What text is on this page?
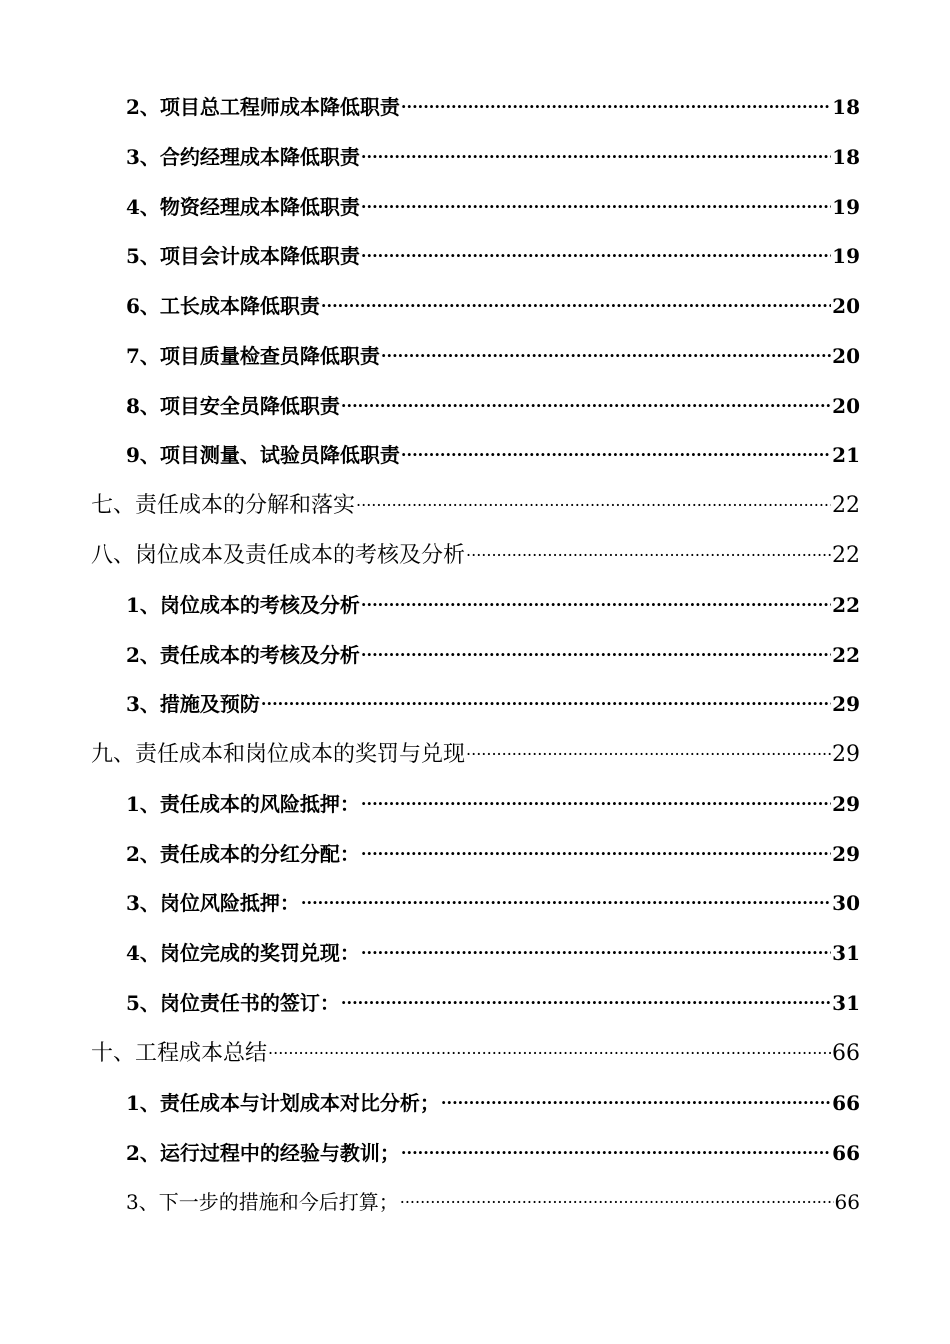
2、项目总工程师成本降低职责 .....	18
3、合约经理成本降低职责 .....	18
4、物资经理成本降低职责 .....	19
5、项目会计成本降低职责 .....	19
6、工长成本降低职责 .....	20
7、项目质量检查员降低职责 .....	20
8、项目安全员降低职责 .....	20
9、项目测量、试验员降低职责 .....	21
七、责任成本的分解和落实 .....	22
八、岗位成本及责任成本的考核及分析 .....	22
1、岗位成本的考核及分析 .....	22
2、责任成本的考核及分析 .....	22
3、措施及预防 .....	29
九、责任成本和岗位成本的奖罚与兑现 .....	29
1、责任成本的风险抵押： .....	29
2、责任成本的分红分配： .....	29
3、岗位风险抵押： .....	30
4、岗位完成的奖罚兑现： .....	31
5、岗位责任书的签订： .....	31
十、工程成本总结 .....	66
1、责任成本与计划成本对比分析； .....	66
2、运行过程中的经验与教训； .....	66
3、下一步的措施和今后打算； .....	66
